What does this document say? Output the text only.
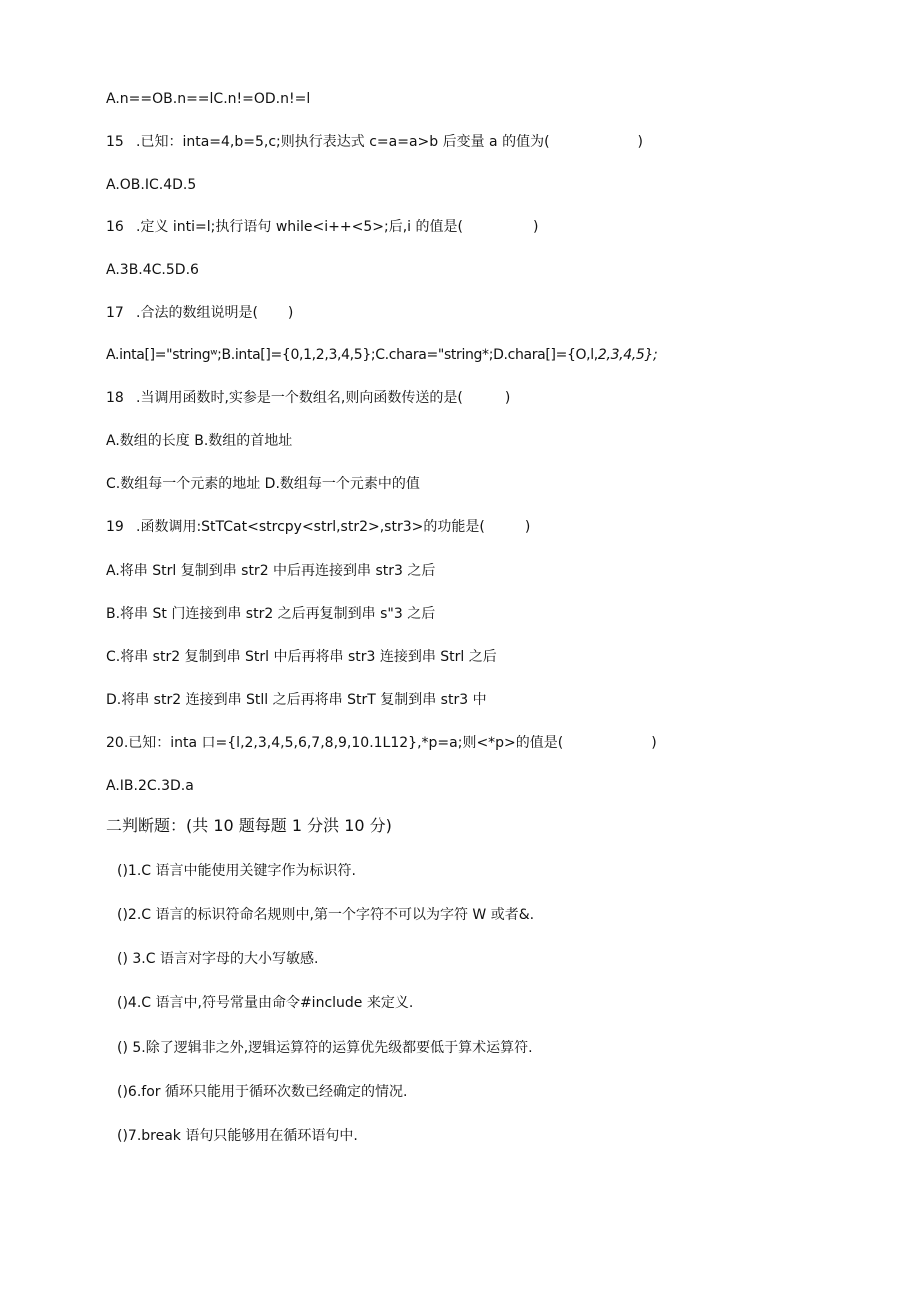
A.n==OB.n==lC.n!=OD.n!=l
15 .已知：inta=4,b=5,c;则执行表达式 c=a=a>b 后变量 a 的值为(	)
A.OB.IC.4D.5
16 .定义 inti=l;执行语句 while<i++<5>;后,i 的值是(	)
A.3B.4C.5D.6
17 .合法的数组说明是( )
A.inta[]="stringʷ;B.inta[]={0,1,2,3,4,5};C.chara="string*;D.chara[]={O,l,2,3,4,5};
18 .当调用函数时,实参是一个数组名,则向函数传送的是(	)
A.数组的长度 B.数组的首地址
C.数组每一个元素的地址 D.数组每一个元素中的值
19 .函数调用:StTCat<strcpy<strl,str2>,str3>的功能是(	)
A.将串 Strl 复制到串 str2 中后再连接到串 str3 之后
B.将串 St 门连接到串 str2 之后再复制到串 s"3 之后
C.将串 str2 复制到串 Strl 中后再将串 str3 连接到串 Strl 之后
D.将串 str2 连接到串 Stll 之后再将串 StrT 复制到串 str3 中
20.已知：inta 口={l,2,3,4,5,6,7,8,9,10.1L12},*p=a;则<*p>的值是(	)
A.IB.2C.3D.a
二判断题：(共 10 题每题 1 分洪 10 分)
()1.C 语言中能使用关键字作为标识符.
()2.C 语言的标识符命名规则中,第一个字符不可以为字符 W 或者&.
() 3.C 语言对字母的大小写敏感.
()4.C 语言中,符号常量由命令#include 来定义.
() 5.除了逻辑非之外,逻辑运算符的运算优先级都要低于算术运算符.
()6.for 循环只能用于循环次数已经确定的情况.
()7.break 语句只能够用在循环语句中.
